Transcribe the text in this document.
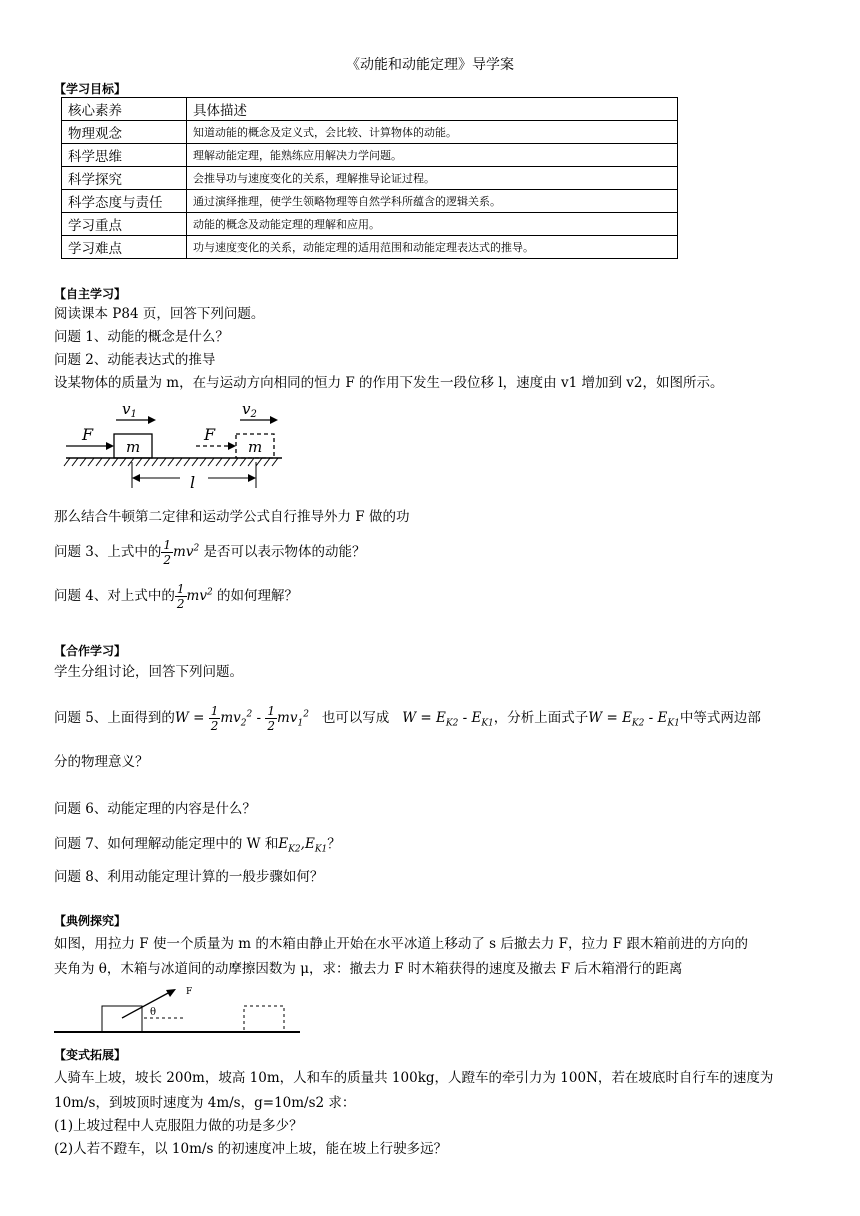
《动能和动能定理》导学案
【学习目标】
核心素养	具体描述
物理观念	知道动能的概念及定义式，会比较、计算物体的动能。
科学思维	理解动能定理，能熟练应用解决力学问题。
科学探究	会推导功与速度变化的关系，理解推导论证过程。
科学态度与责任	通过演绎推理，使学生领略物理等自然学科所蕴含的逻辑关系。
学习重点	动能的概念及动能定理的理解和应用。
学习难点	功与速度变化的关系，动能定理的适用范围和动能定理表达式的推导。
【自主学习】
阅读课本 P84 页，回答下列问题。
问题 1、动能的概念是什么？
问题 2、动能表达式的推导
设某物体的质量为 m，在与运动方向相同的恒力 F 的作用下发生一段位移 l，速度由 v1 增加到 v2，如图所示。
m
F
$v_1$
m
F
$v_2$
l
那么结合牛顿第二定律和运动学公式自行推导外力 F 做的功
问题 3、上式中的 $\frac{1}{2} mv^2$ 是否可以表示物体的动能？
问题 4、对上式中的 $\frac{1}{2} mv^2$ 的如何理解？
【合作学习】
学生分组讨论，回答下列问题。
问题 5、上面得到的$W = \frac{1}{2} mv_2^2 - \frac{1}{2} mv_1^2$ 也可以写成 $W = E_{K2} - E_{K1}$，分析上面式子$W = E_{K2} - E_{K1}$中等式两边部
分的物理意义？
问题 6、动能定理的内容是什么？
问题 7、如何理解动能定理中的 W 和$E_{K2},E_{K1}$？
问题 8、利用动能定理计算的一般步骤如何？
【典例探究】
如图，用拉力 F 使一个质量为 m 的木箱由静止开始在水平冰道上移动了 s 后撤去力 F，拉力 F 跟木箱前进的方向的
夹角为 θ，木箱与冰道间的动摩擦因数为 μ，求：撤去力 F 时木箱获得的速度及撤去 F 后木箱滑行的距离
F
θ
【变式拓展】
人骑车上坡，坡长 200m，坡高 10m，人和车的质量共 100kg，人蹬车的牵引力为 100N，若在坡底时自行车的速度为
10m/s，到坡顶时速度为 4m/s，g=10m/s2 求：
(1)上坡过程中人克服阻力做的功是多少？
(2)人若不蹬车，以 10m/s 的初速度冲上坡，能在坡上行驶多远？
